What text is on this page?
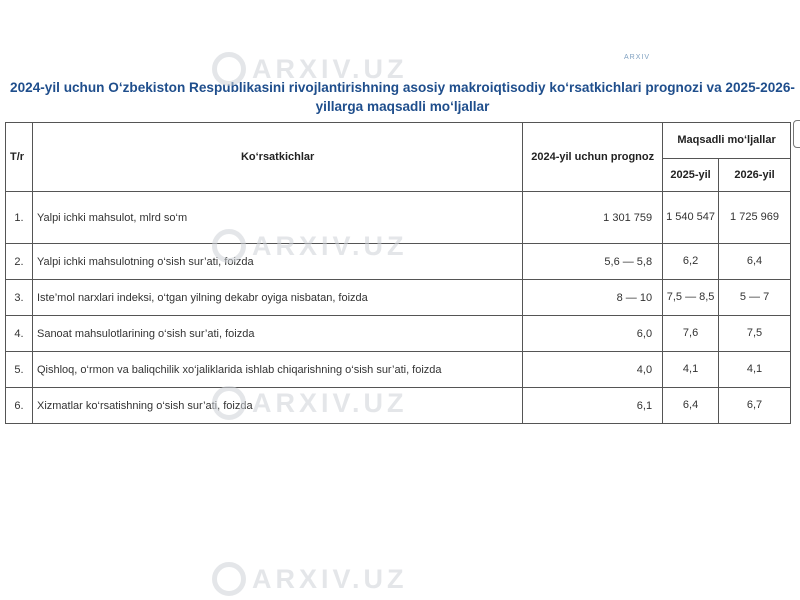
ARXIV
2024-yil uchun O‘zbekiston Respublikasini rivojlantirishning asosiy makroiqtisodiy ko‘rsatkichlari prognozi va 2025-2026-yillarga maqsadli mo‘ljallar
T/r	Ko‘rsatkichlar	2024-yil uchun prognoz	Maqsadli mo‘ljallar	
			2025-yil	2026-yil
1.	Yalpi ichki mahsulot, mlrd so‘m	1 301 759	1 540 547	1 725 969
2.	Yalpi ichki mahsulotning o‘sish sur’ati, foizda	5,6 — 5,8	6,2	6,4
3.	Iste’mol narxlari indeksi, o‘tgan yilning dekabr oyiga nisbatan, foizda	8 — 10	7,5 — 8,5	5 — 7
4.	Sanoat mahsulotlarining o‘sish sur’ati, foizda	6,0	7,6	7,5
5.	Qishloq, o‘rmon va baliqchilik xo‘jaliklarida ishlab chiqarishning o‘sish sur’ati, foizda	4,0	4,1	4,1
6.	Xizmatlar ko‘rsatishning o‘sish sur’ati, foizda	6,1	6,4	6,7
ARXIV.UZ
ARXIV.UZ
ARXIV.UZ
ARXIV.UZ
